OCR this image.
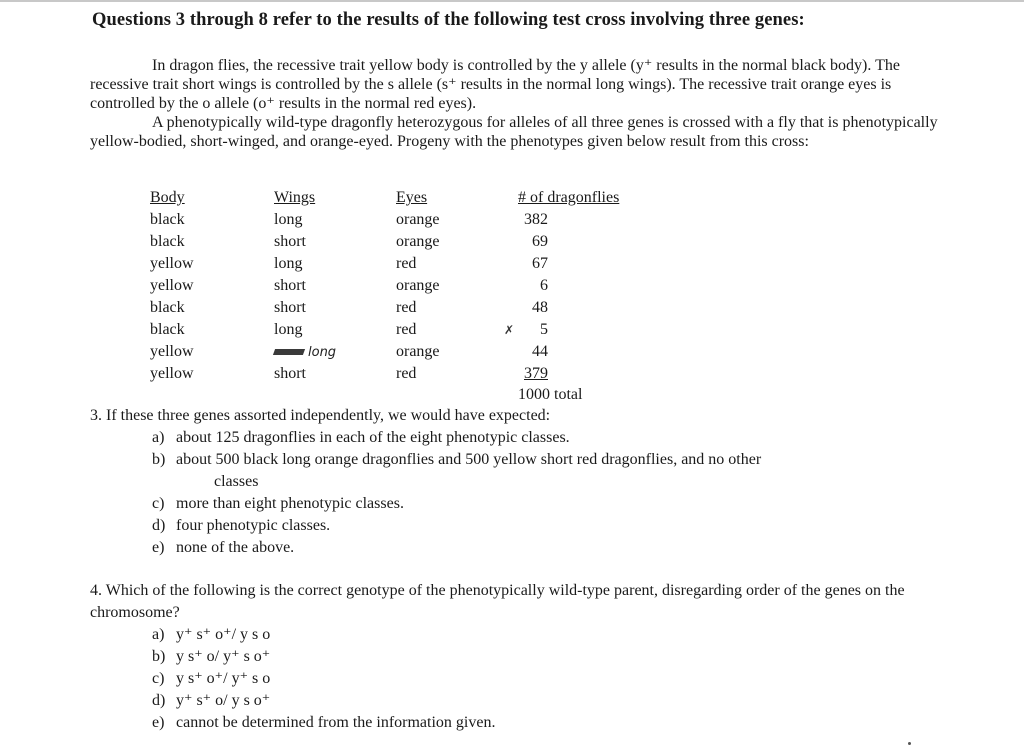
Questions 3 through 8 refer to the results of the following test cross involving three genes:

In dragon flies, the recessive trait yellow body is controlled by the y allele (y⁺ results in the normal black body). The recessive trait short wings is controlled by the s allele (s⁺ results in the normal long wings). The recessive trait orange eyes is controlled by the o allele (o⁺ results in the normal red eyes).

A phenotypically wild-type dragonfly heterozygous for alleles of all three genes is crossed with a fly that is phenotypically yellow-bodied, short-winged, and orange-eyed. Progeny with the phenotypes given below result from this cross:

Body	Wings	Eyes	# of dragonflies
black	long	orange	382
black	short	orange	69
yellow	long	red	67
yellow	short	orange	6
black	short	red	48
black	long	red	✗ 5
yellow	long	orange	44
yellow	short	red	379
1000 total

3. If these three genes assorted independently, we would have expected:

a) about 125 dragonflies in each of the eight phenotypic classes.
b) about 500 black long orange dragonflies and 500 yellow short red dragonflies, and no other
classes
c) more than eight phenotypic classes.
d) four phenotypic classes.
e) none of the above.

4. Which of the following is the correct genotype of the phenotypically wild-type parent, disregarding order of the genes on the chromosome?

a) y⁺ s⁺ o⁺/ y s o
b) y s⁺ o/ y⁺ s o⁺
c) y s⁺ o⁺/ y⁺ s o
d) y⁺ s⁺ o/ y s o⁺
e) cannot be determined from the information given.
